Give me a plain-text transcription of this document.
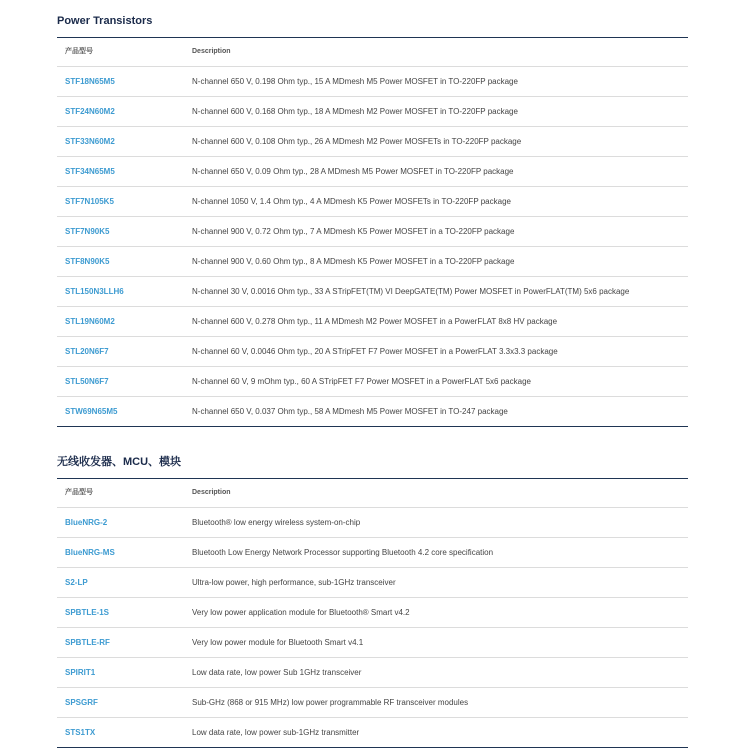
Power Transistors
产品型号	Description
STF18N65M5	N-channel 650 V, 0.198 Ohm typ., 15 A MDmesh M5 Power MOSFET in TO-220FP package
STF24N60M2	N-channel 600 V, 0.168 Ohm typ., 18 A MDmesh M2 Power MOSFET in TO-220FP package
STF33N60M2	N-channel 600 V, 0.108 Ohm typ., 26 A MDmesh M2 Power MOSFETs in TO-220FP package
STF34N65M5	N-channel 650 V, 0.09 Ohm typ., 28 A MDmesh M5 Power MOSFET in TO-220FP package
STF7N105K5	N-channel 1050 V, 1.4 Ohm typ., 4 A MDmesh K5 Power MOSFETs in TO-220FP package
STF7N90K5	N-channel 900 V, 0.72 Ohm typ., 7 A MDmesh K5 Power MOSFET in a TO-220FP package
STF8N90K5	N-channel 900 V, 0.60 Ohm typ., 8 A MDmesh K5 Power MOSFET in a TO-220FP package
STL150N3LLH6	N-channel 30 V, 0.0016 Ohm typ., 33 A STripFET(TM) VI DeepGATE(TM) Power MOSFET in PowerFLAT(TM) 5x6 package
STL19N60M2	N-channel 600 V, 0.278 Ohm typ., 11 A MDmesh M2 Power MOSFET in a PowerFLAT 8x8 HV package
STL20N6F7	N-channel 60 V, 0.0046 Ohm typ., 20 A STripFET F7 Power MOSFET in a PowerFLAT 3.3x3.3 package
STL50N6F7	N-channel 60 V, 9 mOhm typ., 60 A STripFET F7 Power MOSFET in a PowerFLAT 5x6 package
STW69N65M5	N-channel 650 V, 0.037 Ohm typ., 58 A MDmesh M5 Power MOSFET in TO-247 package
无线收发器、MCU、模块
产品型号	Description
BlueNRG-2	Bluetooth® low energy wireless system-on-chip
BlueNRG-MS	Bluetooth Low Energy Network Processor supporting Bluetooth 4.2 core specification
S2-LP	Ultra-low power, high performance, sub-1GHz transceiver
SPBTLE-1S	Very low power application module for Bluetooth® Smart v4.2
SPBTLE-RF	Very low power module for Bluetooth Smart v4.1
SPIRIT1	Low data rate, low power Sub 1GHz transceiver
SPSGRF	Sub-GHz (868 or 915 MHz) low power programmable RF transceiver modules
STS1TX	Low data rate, low power sub-1GHz transmitter
